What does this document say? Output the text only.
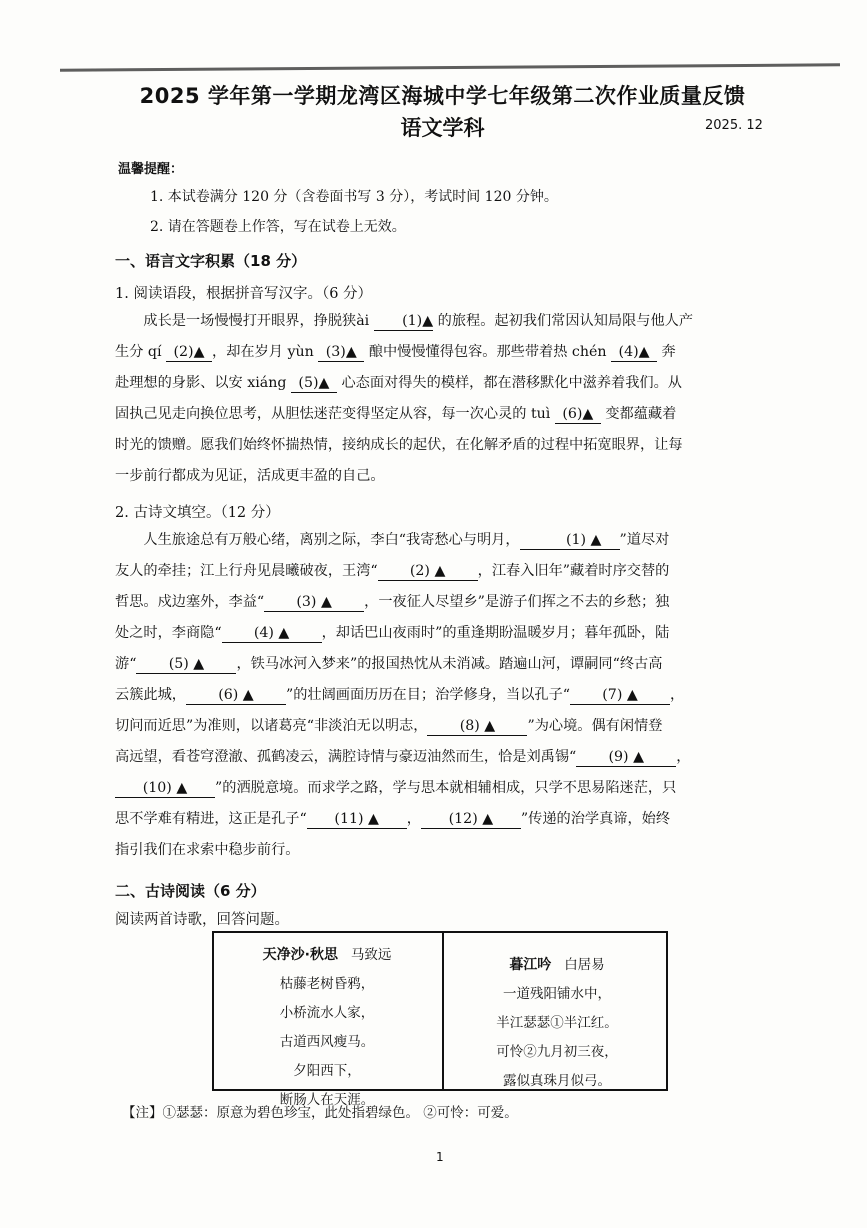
2025 学年第一学期龙湾区海城中学七年级第二次作业质量反馈
语文学科	2025. 12
温馨提醒：
1. 本试卷满分 120 分（含卷面书写 3 分），考试时间 120 分钟。
2. 请在答题卷上作答，写在试卷上无效。
一、语言文字积累（18 分）
1. 阅读语段，根据拼音写汉字。（6 分）
成长是一场慢慢打开眼界，挣脱狭ài (1)▲ 的旅程。起初我们常因认知局限与他人产
生分 qí (2)▲ ，却在岁月 yùn (3)▲ 酿中慢慢懂得包容。那些带着热 chén (4)▲ 奔
赴理想的身影、以安 xiáng (5)▲ 心态面对得失的模样，都在潜移默化中滋养着我们。从
固执己见走向换位思考，从胆怯迷茫变得坚定从容，每一次心灵的 tuì (6)▲ 变都蕴藏着
时光的馈赠。愿我们始终怀揣热情，接纳成长的起伏，在化解矛盾的过程中拓宽眼界，让每
一步前行都成为见证，活成更丰盈的自己。
2. 古诗文填空。（12 分）
人生旅途总有万般心绪，离别之际，李白“我寄愁心与明月，	(1) ▲ ”道尽对
友人的牵挂；江上行舟见晨曦破夜，王湾“ (2) ▲ ，江春入旧年”藏着时序交替的
哲思。戍边塞外，李益“ (3) ▲ ，一夜征人尽望乡”是游子们挥之不去的乡愁；独
处之时，李商隐“ (4) ▲ ，却话巴山夜雨时”的重逢期盼温暖岁月；暮年孤卧，陆
游“ (5) ▲ ，铁马冰河入梦来”的报国热忱从未消减。踏遍山河，谭嗣同“终古高
云簇此城， (6) ▲ ”的壮阔画面历历在目；治学修身，当以孔子“ (7) ▲ ，
切问而近思”为准则，以诸葛亮“非淡泊无以明志， (8) ▲ ”为心境。偶有闲情登
高远望，看苍穹澄澈、孤鹤凌云，满腔诗情与豪迈油然而生，恰是刘禹锡“ (9) ▲ ，
(10) ▲ ”的洒脱意境。而求学之路，学与思本就相辅相成，只学不思易陷迷茫，只
思不学难有精进，这正是孔子“ (11) ▲ ， (12) ▲ ”传递的治学真谛，始终
指引我们在求索中稳步前行。
二、古诗阅读（6 分）
阅读两首诗歌，回答问题。
天净沙·秋思 马致远
枯藤老树昏鸦，
小桥流水人家，
古道西风瘦马。
夕阳西下，
断肠人在天涯。
暮江吟 白居易
一道残阳铺水中，
半江瑟瑟①半江红。
可怜②九月初三夜，
露似真珠月似弓。
【注】①瑟瑟：原意为碧色珍宝，此处指碧绿色。 ②可怜：可爱。
1
